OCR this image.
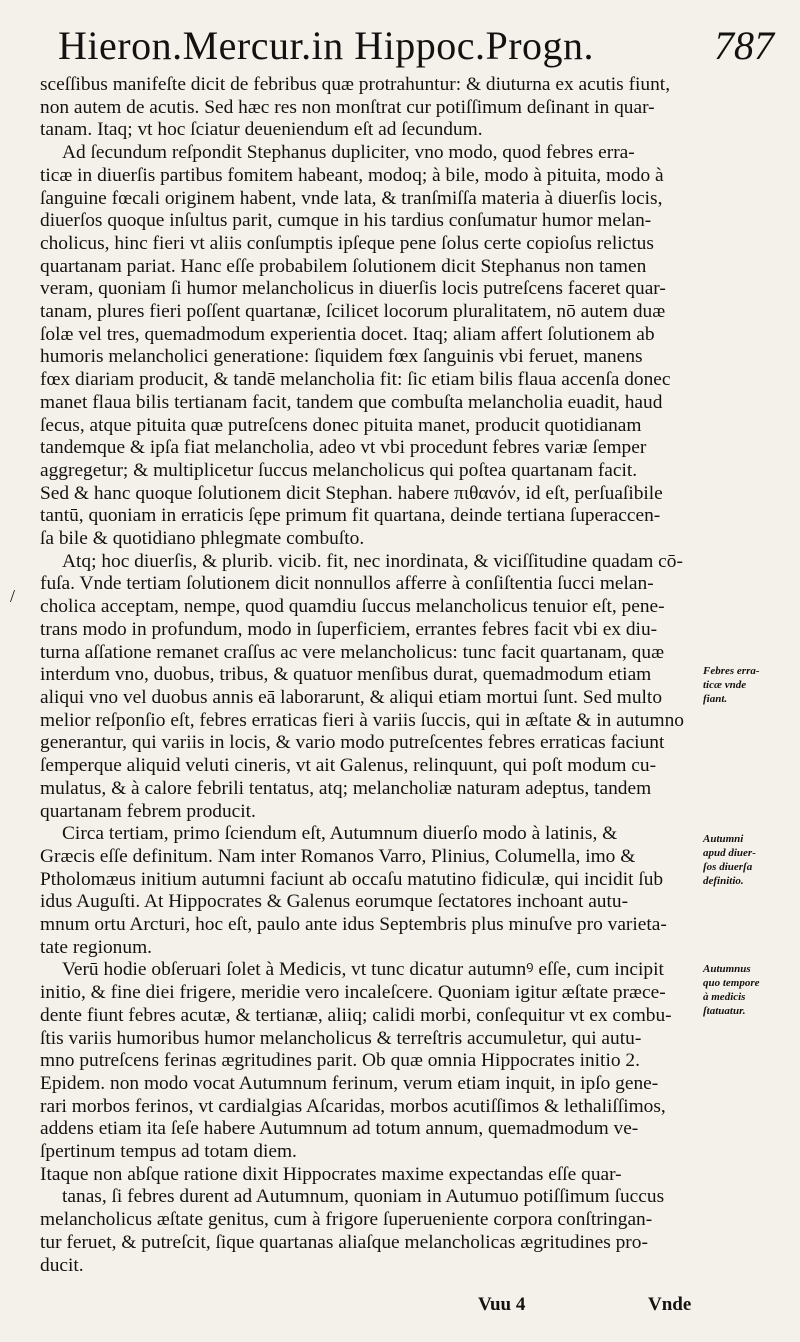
Hieron.Mercur.in Hippoc.Progn.	787
sceſſibus manifeſte dicit de febribus quæ protrahuntur: & diuturna ex acutis fiunt,
non autem de acutis. Sed hæc res non monſtrat cur potiſſimum deſinant in quar-
tanam. Itaq; vt hoc ſciatur deueniendum eſt ad ſecundum.
Ad ſecundum reſpondit Stephanus dupliciter, vno modo, quod febres erra-
ticæ in diuerſis partibus fomitem habeant, modoq; à bile, modo à pituita, modo à
ſanguine fœcali originem habent, vnde lata, & tranſmiſſa materia à diuerſis locis,
diuerſos quoque inſultus parit, cumque in his tardius conſumatur humor melan-
cholicus, hinc fieri vt aliis conſumptis ipſeque pene ſolus certe copioſus relictus
quartanam pariat. Hanc eſſe probabilem ſolutionem dicit Stephanus non tamen
veram, quoniam ſi humor melancholicus in diuerſis locis putreſcens faceret quar-
tanam, plures fieri poſſent quartanæ, ſcilicet locorum pluralitatem, nō autem duæ
ſolæ vel tres, quemadmodum experientia docet. Itaq; aliam affert ſolutionem ab
humoris melancholici generatione: ſiquidem fœx ſanguinis vbi feruet, manens
fœx diariam producit, & tandē melancholia fit: ſic etiam bilis flaua accenſa donec
manet flaua bilis tertianam facit, tandem que combuſta melancholia euadit, haud
ſecus, atque pituita quæ putreſcens donec pituita manet, producit quotidianam
tandemque & ipſa fiat melancholia, adeo vt vbi procedunt febres variæ ſemper
aggregetur; & multiplicetur ſuccus melancholicus qui poſtea quartanam facit.
Sed & hanc quoque ſolutionem dicit Stephan. habere πιθανόν, id eſt, perſuaſibile
tantū, quoniam in erraticis ſępe primum fit quartana, deinde tertiana ſuperaccen-
ſa bile & quotidiano phlegmate combuſto.
Atq; hoc diuerſis, & plurib. vicib. fit, nec inordinata, & viciſſitudine quadam cō-
fuſa. Vnde tertiam ſolutionem dicit nonnullos afferre à conſiſtentia ſucci melan-
cholica acceptam, nempe, quod quamdiu ſuccus melancholicus tenuior eſt, pene-
trans modo in profundum, modo in ſuperficiem, errantes febres facit vbi ex diu-
turna aſſatione remanet craſſus ac vere melancholicus: tunc facit quartanam, quæ
interdum vno, duobus, tribus, & quatuor menſibus durat, quemadmodum etiam
aliqui vno vel duobus annis eā laborarunt, & aliqui etiam mortui ſunt. Sed multo
melior reſponſio eſt, febres erraticas fieri à variis ſuccis, qui in æſtate & in autumno
generantur, qui variis in locis, & vario modo putreſcentes febres erraticas faciunt
ſemperque aliquid veluti cineris, vt ait Galenus, relinquunt, qui poſt modum cu-
mulatus, & à calore febrili tentatus, atq; melancholiæ naturam adeptus, tandem
quartanam febrem producit.
Circa tertiam, primo ſciendum eſt, Autumnum diuerſo modo à latinis, &
Græcis eſſe definitum. Nam inter Romanos Varro, Plinius, Columella, imo &
Ptholomæus initium autumni faciunt ab occaſu matutino fidiculæ, qui incidit ſub
idus Auguſti. At Hippocrates & Galenus eorumque ſectatores inchoant autu-
mnum ortu Arcturi, hoc eſt, paulo ante idus Septembris plus minuſve pro varieta-
tate regionum.
Verū hodie obſeruari ſolet à Medicis, vt tunc dicatur autumnꝰ eſſe, cum incipit
initio, & fine diei frigere, meridie vero incaleſcere. Quoniam igitur æſtate præce-
dente fiunt febres acutæ, & tertianæ, aliiq; calidi morbi, conſequitur vt ex combu-
ſtis variis humoribus humor melancholicus & terreſtris accumuletur, qui autu-
mno putreſcens ferinas ægritudines parit. Ob quæ omnia Hippocrates initio 2.
Epidem. non modo vocat Autumnum ferinum, verum etiam inquit, in ipſo gene-
rari morbos ferinos, vt cardialgias Aſcaridas, morbos acutiſſimos & lethaliſſimos,
addens etiam ita ſeſe habere Autumnum ad totum annum, quemadmodum ve-
ſpertinum tempus ad totam diem.
Itaque non abſque ratione dixit Hippocrates maxime expectandas eſſe quar-
tanas, ſi febres durent ad Autumnum, quoniam in Autumuo potiſſimum ſuccus
melancholicus æſtate genitus, cum à frigore ſuperueniente corpora conſtringan-
tur feruet, & putreſcit, ſique quartanas aliaſque melancholicas ægritudines pro-
ducit.
/
Febres erra-
ticæ vnde
fiant.
Autumni
apud diuer-
ſos diuerſa
definitio.
Autumnus
quo tempore
à medicis
ſtatuatur.
Vuu 4	Vnde
